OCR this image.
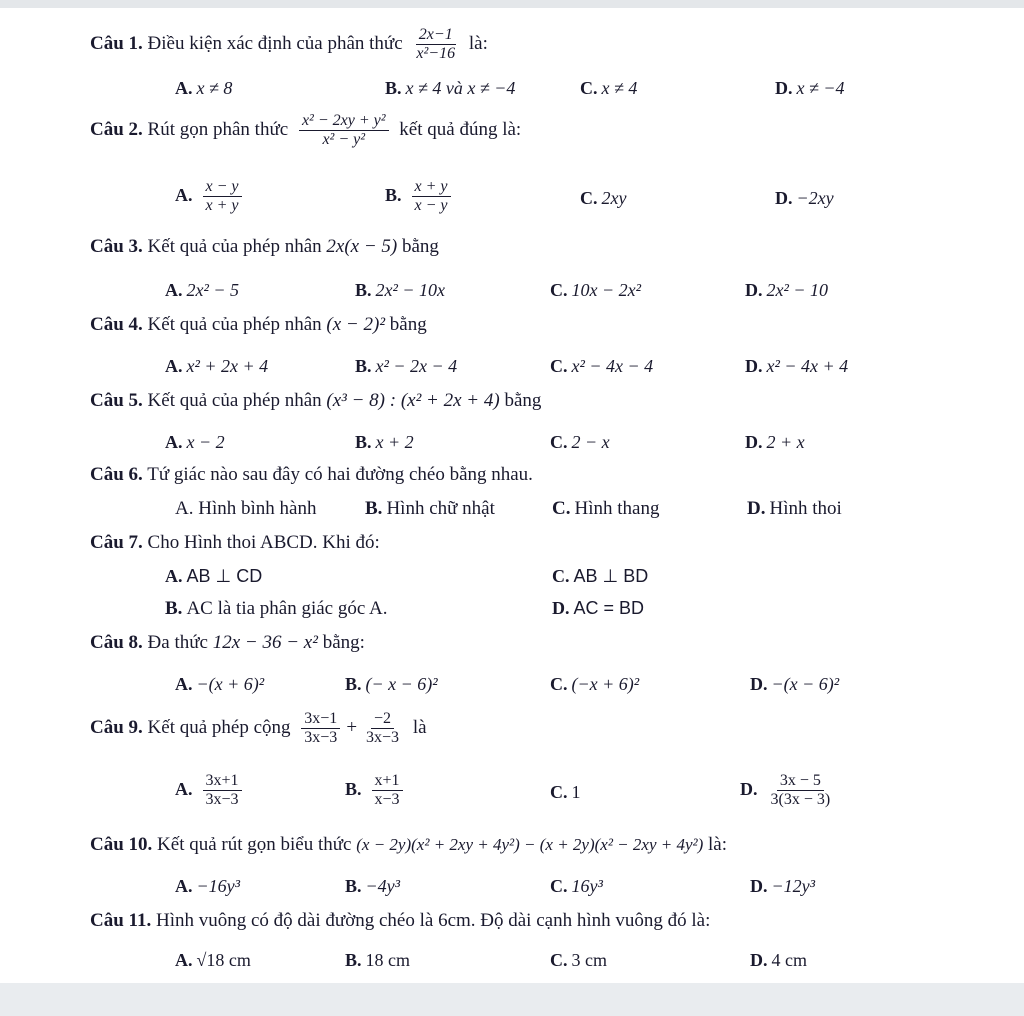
Câu 1. Điều kiện xác định của phân thức $\frac{2x-1}{\text{x²−16}}$ là:
A. x ≠ 8	B. x ≠ 4 và x ≠ −4	C. x ≠ 4	D. x ≠ −4
Câu 2. Rút gọn phân thức $\frac{\text{x² − 2xy + y²}}{\text{x² − y²}}$ kết quả đúng là:
A. $\frac{x - y}{x + y}$	B. $\frac{x + y}{x - y}$	C. 2xy	D. −2xy
Câu 3. Kết quả của phép nhân 2x(x − 5) bằng
A. 2x² − 5	B. 2x² − 10x	C. 10x − 2x²	D. 2x² − 10
Câu 4. Kết quả của phép nhân (x − 2)² bằng
A. x² + 2x + 4	B. x² − 2x − 4	C. x² − 4x − 4	D. x² − 4x + 4
Câu 5. Kết quả của phép nhân (x³ − 8) : (x² + 2x + 4) bằng
A. x − 2	B. x + 2	C. 2 − x	D. 2 + x
Câu 6. Tứ giác nào sau đây có hai đường chéo bằng nhau.
A. Hình bình hành	B. Hình chữ nhật	C. Hình thang	D. Hình thoi
Câu 7. Cho Hình thoi ABCD. Khi đó:
A. AB ⊥ CD	C. AB ⊥ BD
B. AC là tia phân giác góc A.	D. AC = BD
Câu 8. Đa thức 12x − 36 − x² bằng:
A. −(x + 6)²	B. (− x − 6)²	C. (−x + 6)²	D. −(x − 6)²
Câu 9. Kết quả phép cộng $\frac{3x-1}{3x-3} + \frac{-2}{3x-3}$ là
A. $\frac{3x+1}{3x-3}$	B. $\frac{x+1}{x-3}$	C. 1	D. $\frac{3x - 5}{3(3x - 3)}$
Câu 10. Kết quả rút gọn biểu thức (x − 2y)(x² + 2xy + 4y²) − (x + 2y)(x² − 2xy + 4y²) là:
A. −16y³	B. −4y³	C. 16y³	D. −12y³
Câu 11. Hình vuông có độ dài đường chéo là 6cm. Độ dài cạnh hình vuông đó là:
A. √18 cm	B. 18 cm	C. 3 cm	D. 4 cm
